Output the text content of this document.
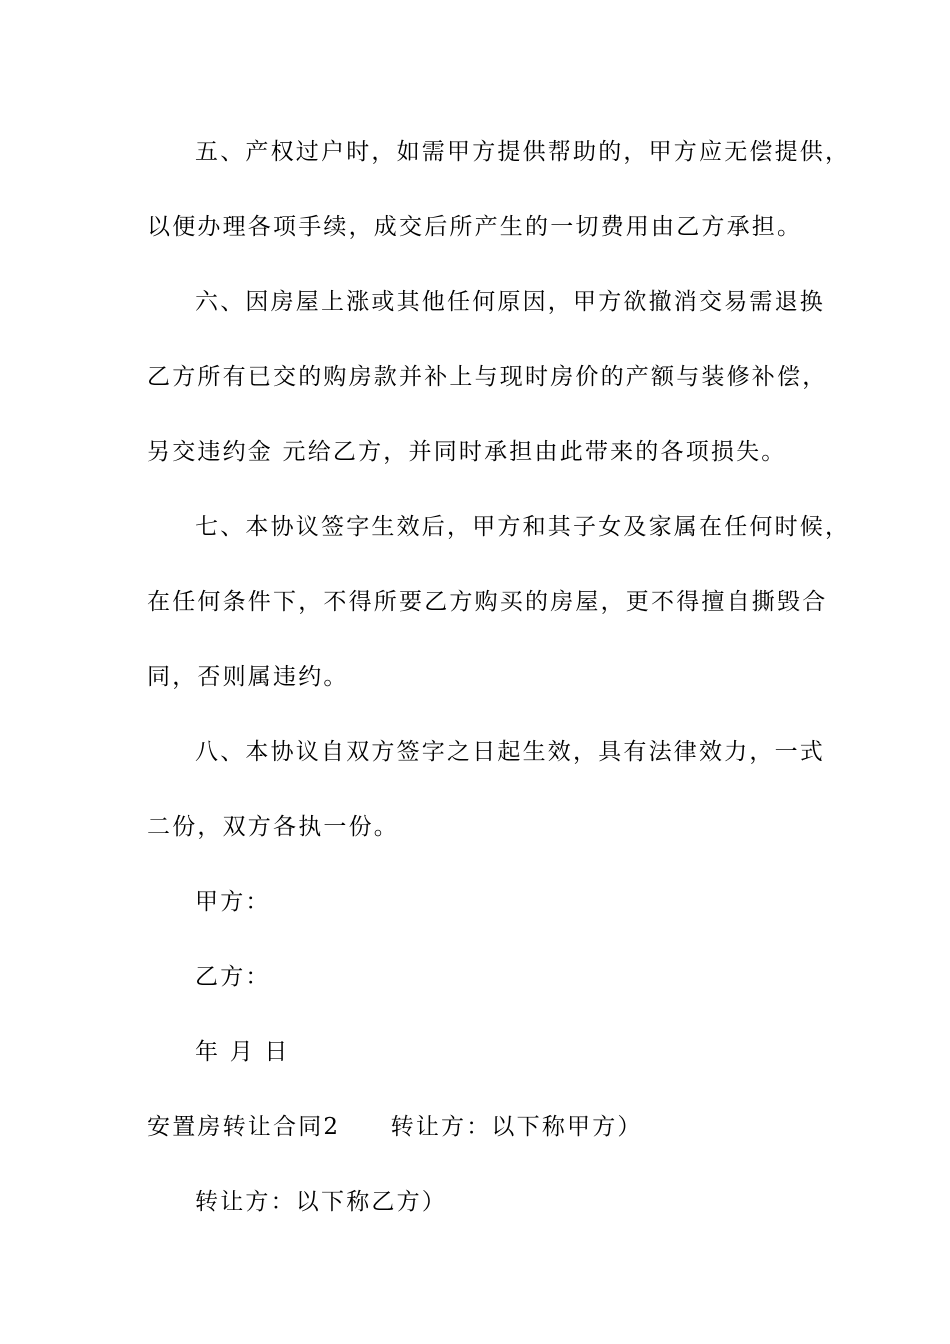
五、产权过户时，如需甲方提供帮助的，甲方应无偿提供，
以便办理各项手续，成交后所产生的一切费用由乙方承担。
六、因房屋上涨或其他任何原因，甲方欲撤消交易需退换
乙方所有已交的购房款并补上与现时房价的产额与装修补偿，
另交违约金 元给乙方，并同时承担由此带来的各项损失。
七、本协议签字生效后，甲方和其子女及家属在任何时候，
在任何条件下，不得所要乙方购买的房屋，更不得擅自撕毁合
同，否则属违约。
八、本协议自双方签字之日起生效，具有法律效力，一式
二份，双方各执一份。
甲方：
乙方：
年 月 日
安置房转让合同2　　转让方：以下称甲方）
转让方：以下称乙方）
